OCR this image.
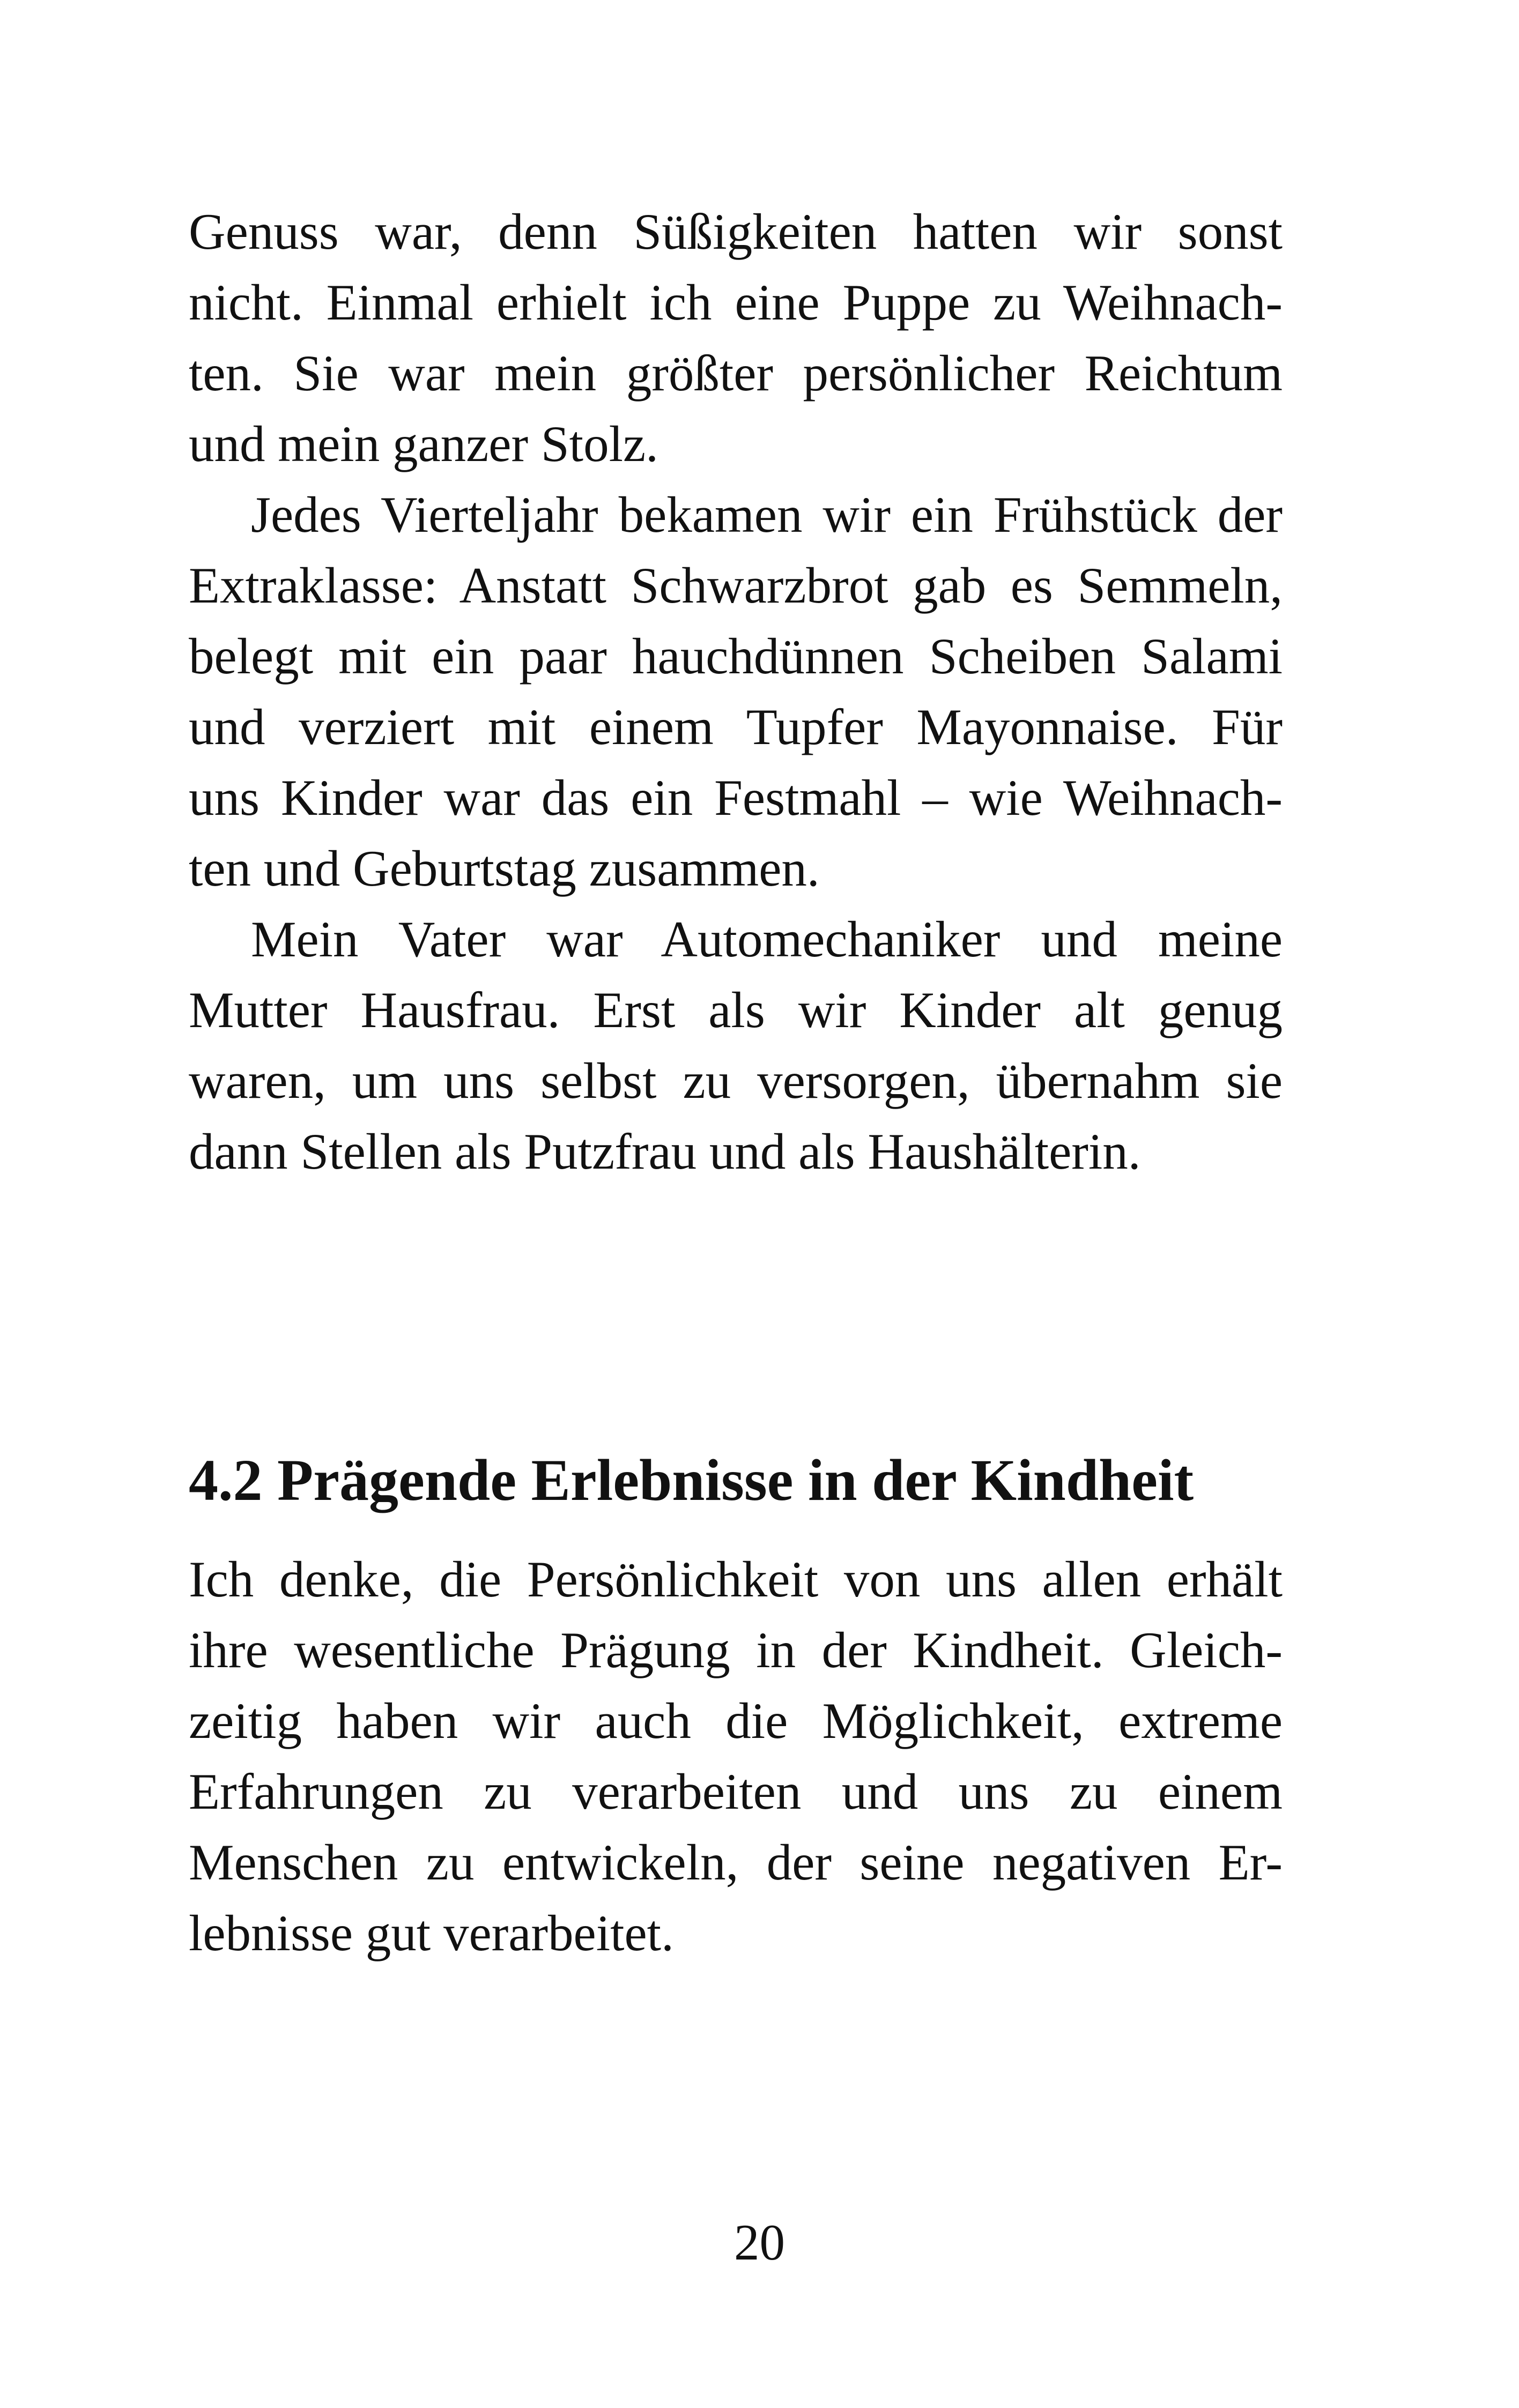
Genuss war, denn Süßigkeiten hatten wir sonst
nicht. Einmal erhielt ich eine Puppe zu Weihnach-
ten. Sie war mein größter persönlicher Reichtum
und mein ganzer Stolz.
Jedes Vierteljahr bekamen wir ein Frühstück der
Extraklasse: Anstatt Schwarzbrot gab es Semmeln,
belegt mit ein paar hauchdünnen Scheiben Salami
und verziert mit einem Tupfer Mayonnaise. Für
uns Kinder war das ein Festmahl – wie Weihnach-
ten und Geburtstag zusammen.
Mein Vater war Automechaniker und meine
Mutter Hausfrau. Erst als wir Kinder alt genug
waren, um uns selbst zu versorgen, übernahm sie
dann Stellen als Putzfrau und als Haushälterin.
4.2 Prägende Erlebnisse in der Kindheit
Ich denke, die Persönlichkeit von uns allen erhält
ihre wesentliche Prägung in der Kindheit. Gleich-
zeitig haben wir auch die Möglichkeit, extreme
Erfahrungen zu verarbeiten und uns zu einem
Menschen zu entwickeln, der seine negativen Er-
lebnisse gut verarbeitet.
20
